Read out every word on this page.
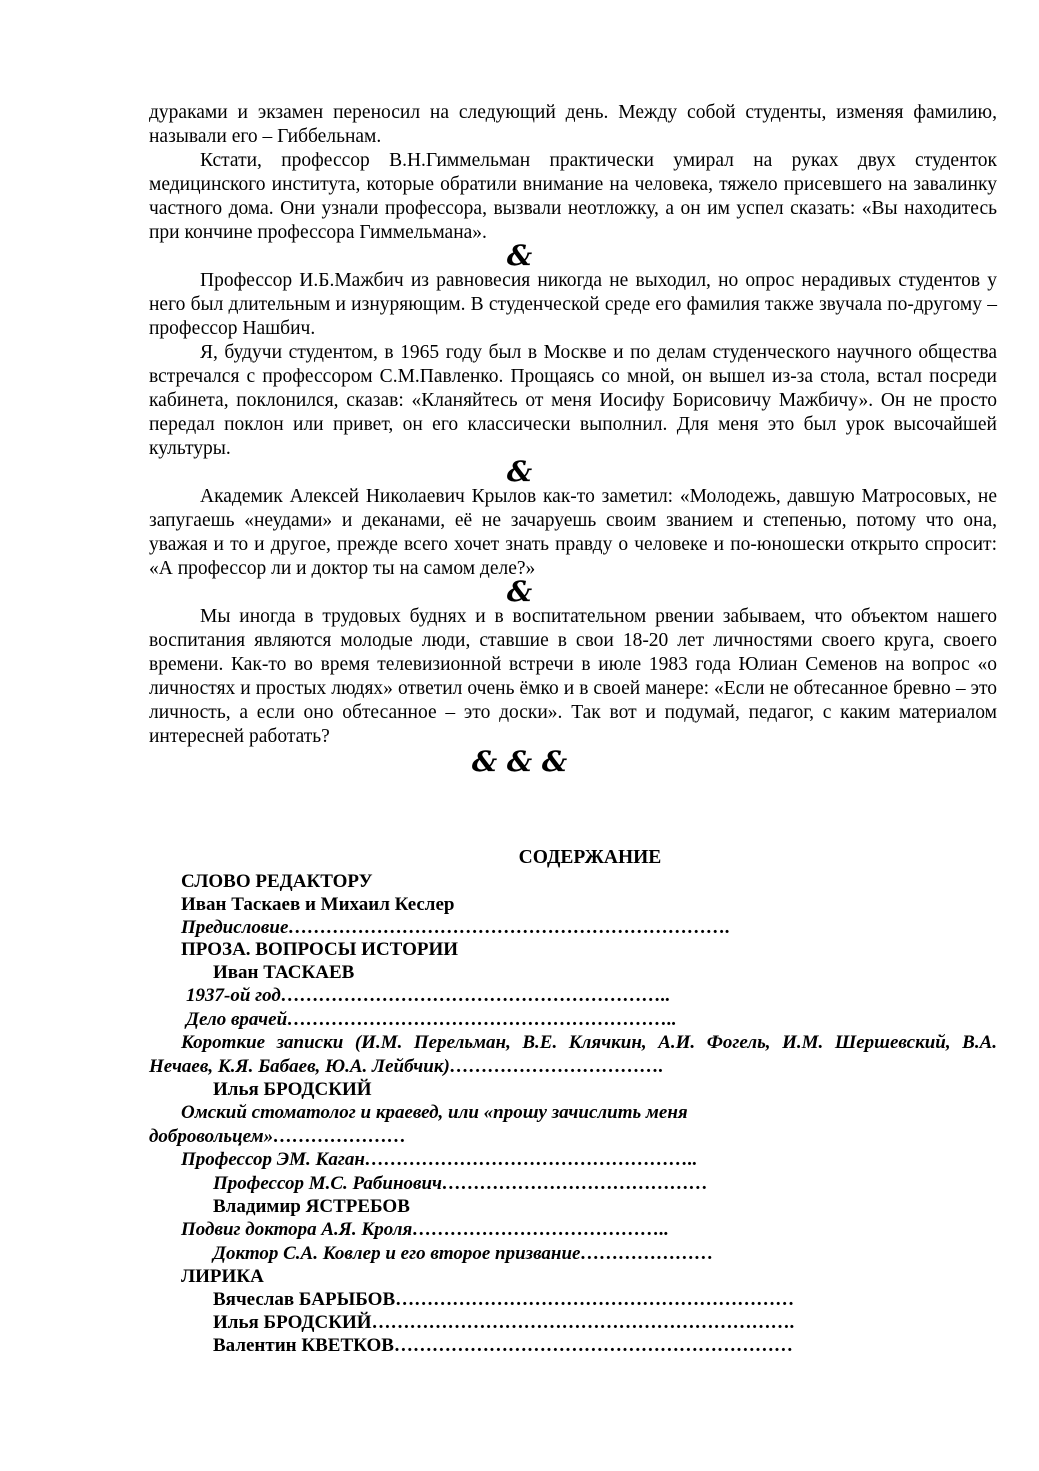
дураками и экзамен переносил на следующий день. Между собой студенты, изменяя фамилию, называли его – Гиббельнам.
Кстати, профессор В.Н.Гиммельман практически умирал на руках двух студенток медицинского института, которые обратили внимание на человека, тяжело присевшего на завалинку частного дома. Они узнали профессора, вызвали неотложку, а он им успел сказать: «Вы находитесь при кончине профессора Гиммельмана».
&
Профессор И.Б.Мажбич из равновесия никогда не выходил, но опрос нерадивых студентов у него был длительным и изнуряющим. В студенческой среде его фамилия также звучала по-другому – профессор Нашбич.
Я, будучи студентом, в 1965 году был в Москве и по делам студенческого научного общества встречался с профессором С.М.Павленко. Прощаясь со мной, он вышел из-за стола, встал посреди кабинета, поклонился, сказав: «Кланяйтесь от меня Иосифу Борисовичу Мажбичу». Он не просто передал поклон или привет, он его классически выполнил. Для меня это был урок высочайшей культуры.
&
Академик Алексей Николаевич Крылов как-то заметил: «Молодежь, давшую Матросовых, не запугаешь «неудами» и деканами, её не зачаруешь своим званием и степенью, потому что она, уважая и то и другое, прежде всего хочет знать правду о человеке и по-юношески открыто спросит: «А профессор ли и доктор ты на самом деле?»
&
Мы иногда в трудовых буднях и в воспитательном рвении забываем, что объектом нашего воспитания являются молодые люди, ставшие в свои 18-20 лет личностями своего круга, своего времени. Как-то во время телевизионной встречи в июле 1983 года Юлиан Семенов на вопрос «о личностях и простых людях» ответил очень ёмко и в своей манере: «Если не обтесанное бревно – это личность, а если оно обтесанное – это доски». Так вот и подумай, педагог, с каким материалом интересней работать?
& & &
СОДЕРЖАНИЕ
СЛОВО РЕДАКТОРУ
Иван Таскаев и Михаил Кеслер
Предисловие…………………………………………………………….
ПРОЗА. ВОПРОСЫ ИСТОРИИ
Иван ТАСКАЕВ
1937-ой год……………………………………………………..
Дело врачей……………………………………………………..
Короткие записки (И.М. Перельман, В.Е. Клячкин, А.И. Фогель, И.М. Шершевский, В.А. Нечаев, К.Я. Бабаев, Ю.А. Лейбчик)…………………………….
Илья БРОДСКИЙ
Омский стоматолог и краевед, или «прошу зачислить меня
добровольцем»…………………
Профессор ЭМ. Каган……………………………………………..
Профессор М.С. Рабинович……………………………………
Владимир ЯСТРЕБОВ
Подвиг доктора А.Я. Кроля…………………………………..
Доктор С.А. Ковлер и его второе призвание…………………
ЛИРИКА
Вячеслав БАРЫБОВ………………………………………………………
Илья БРОДСКИЙ………………………………………………………….
Валентин КВЕТКОВ………………………………………………………
